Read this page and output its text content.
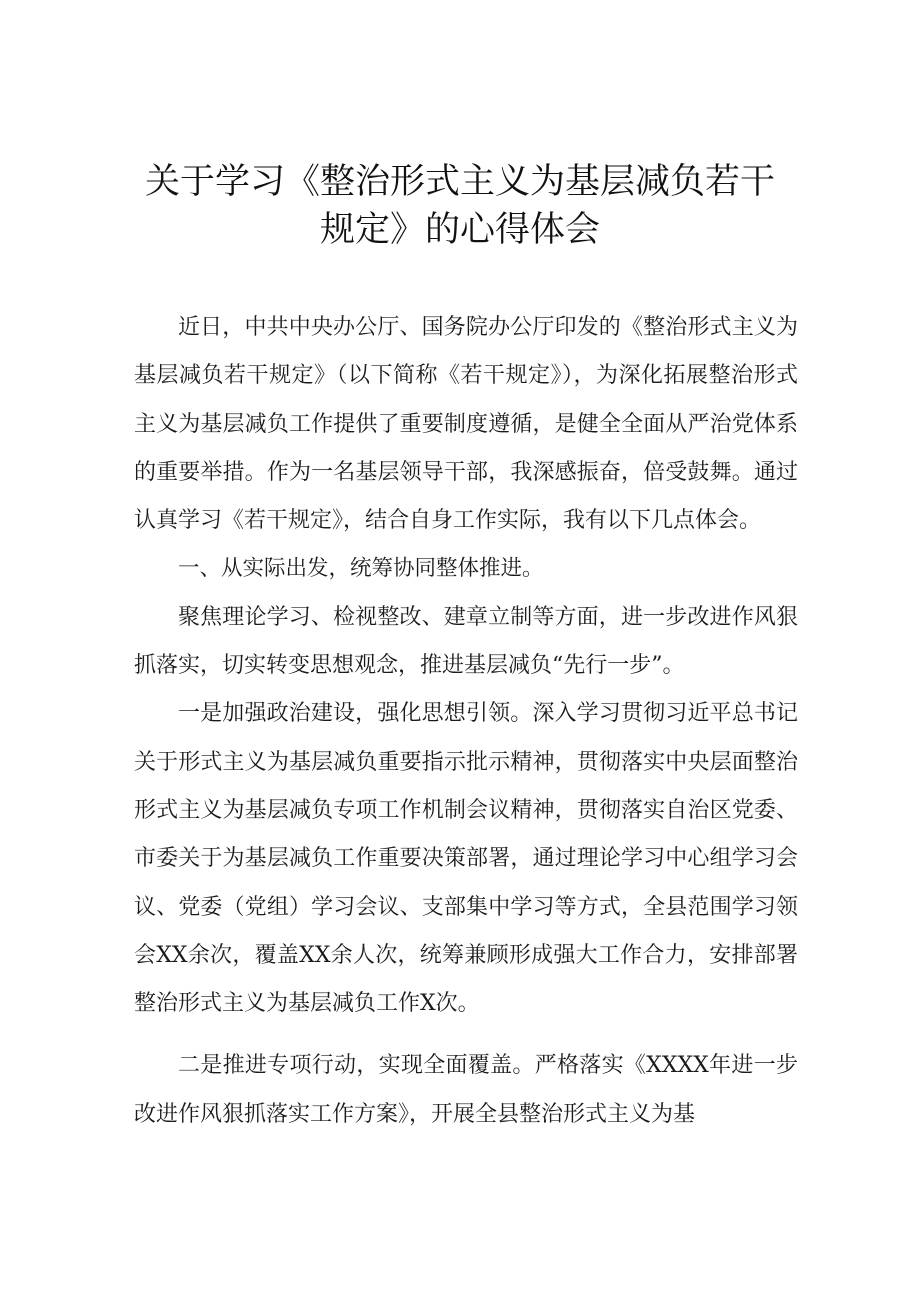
关于学习《整治形式主义为基层减负若干
规定》的心得体会

近日，中共中央办公厅、国务院办公厅印发的《整治形式主义为基层减负若干规定》（以下简称《若干规定》），为深化拓展整治形式主义为基层减负工作提供了重要制度遵循，是健全全面从严治党体系的重要举措。作为一名基层领导干部，我深感振奋，倍受鼓舞。通过认真学习《若干规定》，结合自身工作实际，我有以下几点体会。

一、从实际出发，统筹协同整体推进。

聚焦理论学习、检视整改、建章立制等方面，进一步改进作风狠抓落实，切实转变思想观念，推进基层减负“先行一步”。

一是加强政治建设，强化思想引领。深入学习贯彻习近平总书记关于形式主义为基层减负重要指示批示精神，贯彻落实中央层面整治形式主义为基层减负专项工作机制会议精神，贯彻落实自治区党委、市委关于为基层减负工作重要决策部署，通过理论学习中心组学习会议、党委（党组）学习会议、支部集中学习等方式，全县范围学习领会XX余次，覆盖XX余人次，统筹兼顾形成强大工作合力，安排部署整治形式主义为基层减负工作X次。

二是推进专项行动，实现全面覆盖。严格落实《XXXX年进一步改进作风狠抓落实工作方案》，开展全县整治形式主义为基
